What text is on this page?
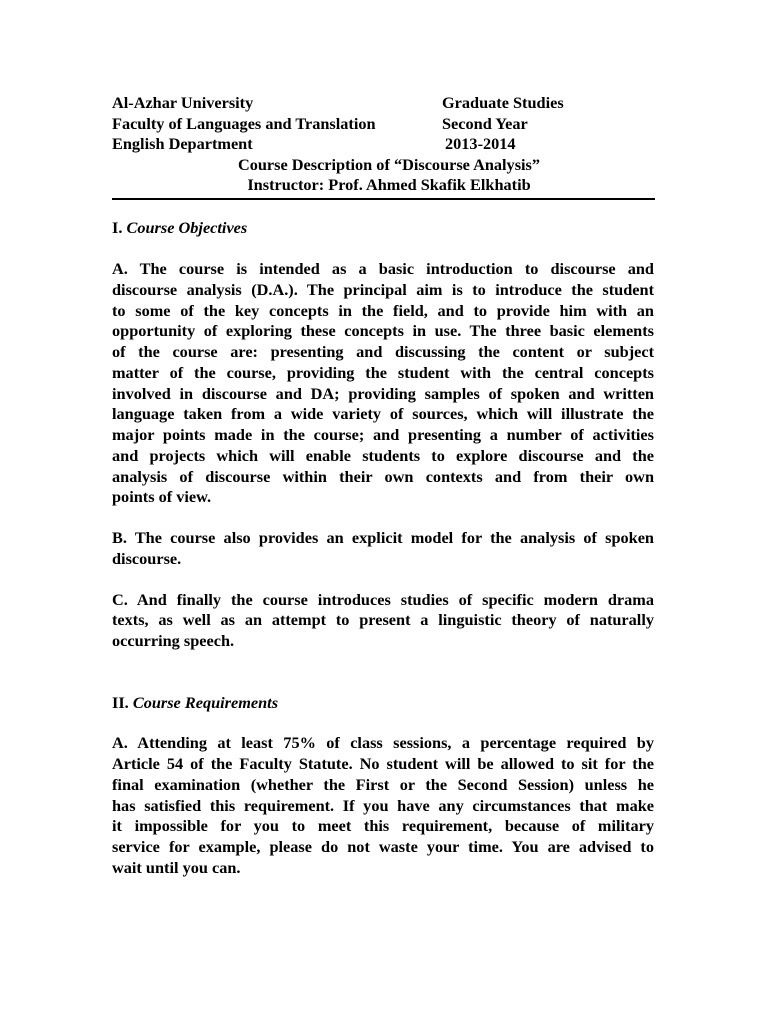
Al-Azhar University	Graduate Studies
Faculty of Languages and Translation	Second Year
English Department	2013-2014
Course Description of “Discourse Analysis”
Instructor: Prof. Ahmed Skafik Elkhatib
I. Course Objectives
A. The course is intended as a basic introduction to discourse and
discourse analysis (D.A.). The principal aim is to introduce the student
to some of the key concepts in the field, and to provide him with an
opportunity of exploring these concepts in use. The three basic elements
of the course are: presenting and discussing the content or subject
matter of the course, providing the student with the central concepts
involved in discourse and DA; providing samples of spoken and written
language taken from a wide variety of sources, which will illustrate the
major points made in the course; and presenting a number of activities
and projects which will enable students to explore discourse and the
analysis of discourse within their own contexts and from their own
points of view.
B. The course also provides an explicit model for the analysis of spoken
discourse.
C. And finally the course introduces studies of specific modern drama
texts, as well as an attempt to present a linguistic theory of naturally
occurring speech.
II. Course Requirements
A. Attending at least 75% of class sessions, a percentage required by
Article 54 of the Faculty Statute. No student will be allowed to sit for the
final examination (whether the First or the Second Session) unless he
has satisfied this requirement. If you have any circumstances that make
it impossible for you to meet this requirement, because of military
service for example, please do not waste your time. You are advised to
wait until you can.
